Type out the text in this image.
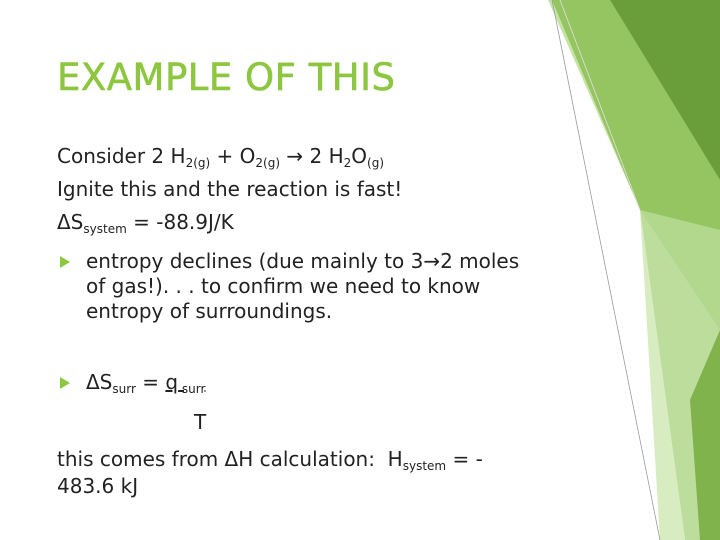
EXAMPLE OF THIS
Consider 2 $H_{2(g)} + O_{2(g)} \to 2$ $H_2O_{(g)}$
Ignite this and the reaction is fast!
$\Delta S_{system} = -88.9J/K$
entropy declines (due mainly to 3→2 moles
of gas!). . . to confirm we need to know
entropy of surroundings.
$\Delta S_{surr} = q$ $_{surr}$
T
this comes from ΔH calculation:  $H_{system}$ = -
483.6 kJ
